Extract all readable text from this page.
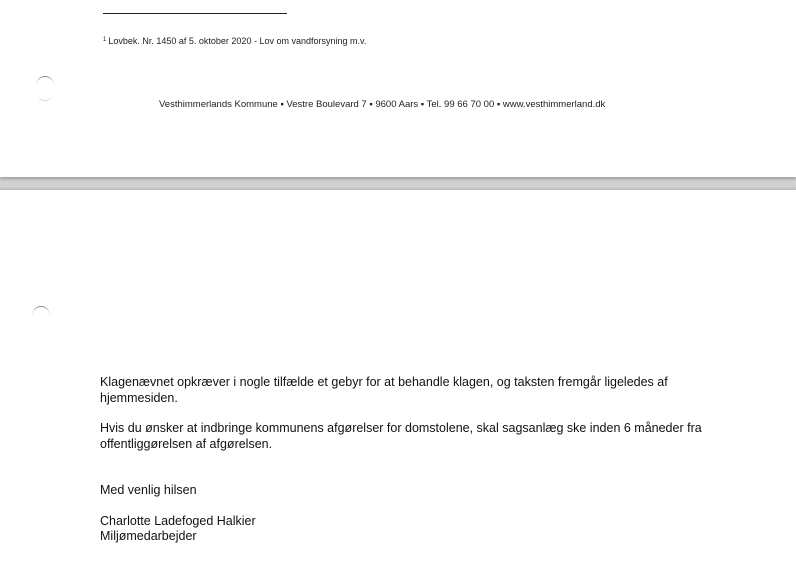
$^1$ Lovbek. Nr. 1450 af 5. oktober 2020 - Lov om vandforsyning m.v.
Vesthimmerlands Kommune ▪ Vestre Boulevard 7 ▪ 9600 Aars ▪ Tel. 99 66 70 00 ▪ www.vesthimmerland.dk
Klagenævnet opkræver i nogle tilfælde et gebyr for at behandle klagen, og taksten fremgår ligeledes af hjemmesiden.
Hvis du ønsker at indbringe kommunens afgørelser for domstolene, skal sagsanlæg ske inden 6 måneder fra offentliggørelsen af afgørelsen.
Med venlig hilsen
Charlotte Ladefoged Halkier
Miljømedarbejder
